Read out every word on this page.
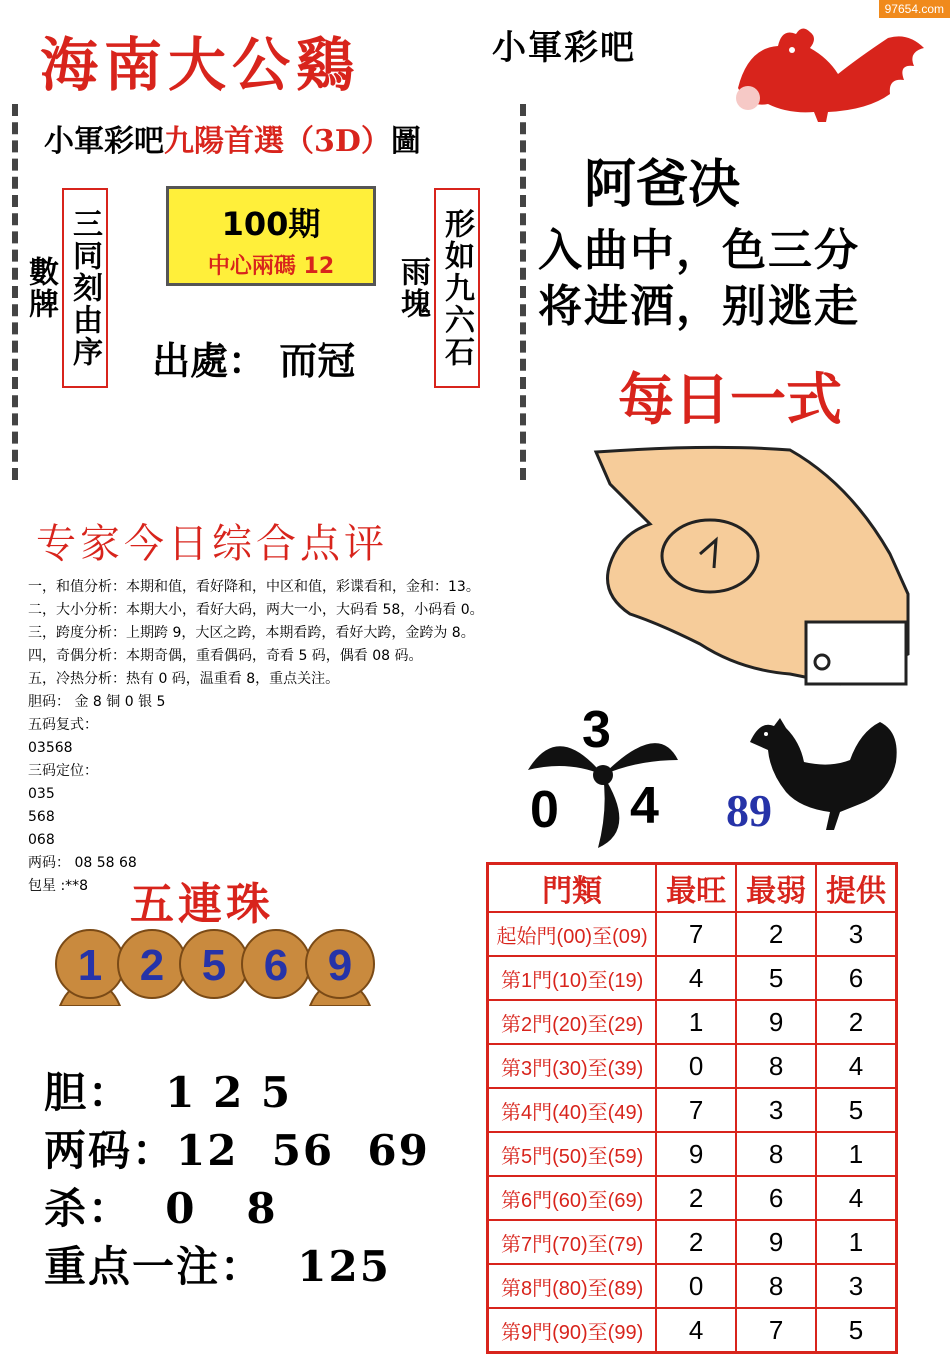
97654.com
海南大公鷄	小軍彩吧
小軍彩吧九陽首選（3D）圖
三同刻由序數牌	形如九六石雨塊
100期
中心兩碼 12
出處： 而冠
阿爸决
入曲中，色三分
将进酒，别逃走
每日一式
3
0 4 89
专家今日综合点评
一，和值分析：本期和值，看好降和，中区和值，彩谍看和，金和：13。
二，大小分析：本期大小，看好大码，两大一小，大码看 58，小码看 0。
三，跨度分析：上期跨 9，大区之跨，本期看跨，看好大跨，金跨为 8。
四，奇偶分析：本期奇偶，重看偶码，奇看 5 码，偶看 08 码。
五，冷热分析：热有 0 码，温重看 8，重点关注。
胆码： 金 8 铜 0 银 5
五码复式：
03568
三码定位：
035
568
068
两码： 08 58 68
包星 :**8 五連珠
1 2 5 6 9
胆：  1 2 5
两码：12  56  69
杀：  0   8
重点一注：  125
門類	最旺	最弱	提供
起始門(00)至(09)	7	2	3
第1門(10)至(19)	4	5	6
第2門(20)至(29)	1	9	2
第3門(30)至(39)	0	8	4
第4門(40)至(49)	7	3	5
第5門(50)至(59)	9	8	1
第6門(60)至(69)	2	6	4
第7門(70)至(79)	2	9	1
第8門(80)至(89)	0	8	3
第9門(90)至(99)	4	7	5
